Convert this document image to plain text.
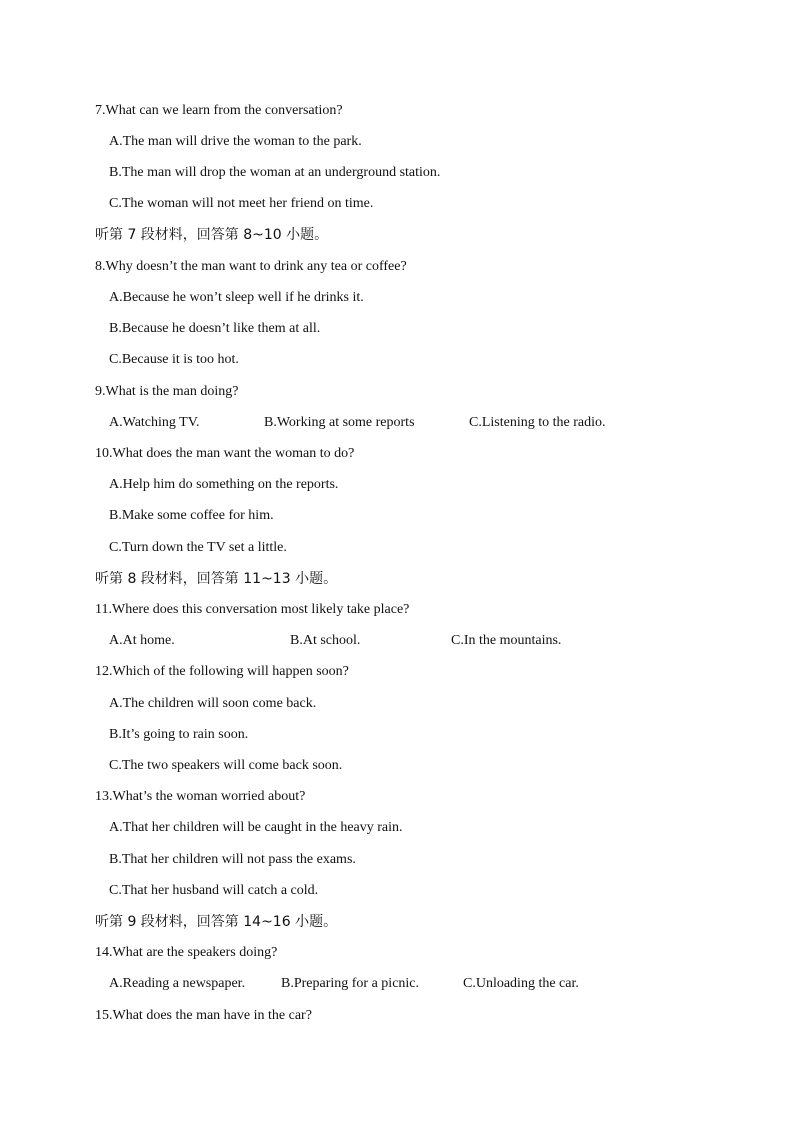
7.What can we learn from the conversation?
A.The man will drive the woman to the park.
B.The man will drop the woman at an underground station.
C.The woman will not meet her friend on time.
听第 7 段材料，回答第 8~10 小题。
8.Why doesn’t the man want to drink any tea or coffee?
A.Because he won’t sleep well if he drinks it.
B.Because he doesn’t like them at all.
C.Because it is too hot.
9.What is the man doing?
A.Watching TV.	B.Working at some reports	C.Listening to the radio.
10.What does the man want the woman to do?
A.Help him do something on the reports.
B.Make some coffee for him.
C.Turn down the TV set a little.
听第 8 段材料，回答第 11~13 小题。
11.Where does this conversation most likely take place?
A.At home.	B.At school.	C.In the mountains.
12.Which of the following will happen soon?
A.The children will soon come back.
B.It’s going to rain soon.
C.The two speakers will come back soon.
13.What’s the woman worried about?
A.That her children will be caught in the heavy rain.
B.That her children will not pass the exams.
C.That her husband will catch a cold.
听第 9 段材料，回答第 14~16 小题。
14.What are the speakers doing?
A.Reading a newspaper.	B.Preparing for a picnic.	C.Unloading the car.
15.What does the man have in the car?
